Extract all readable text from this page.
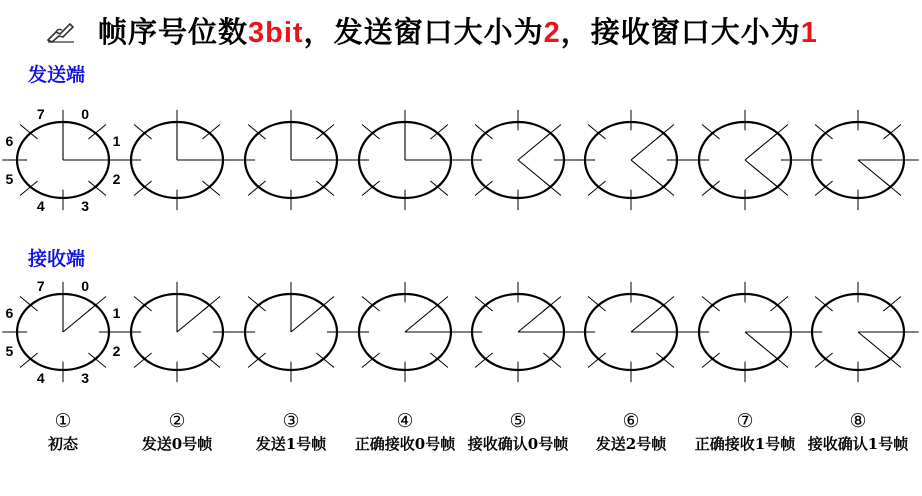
帧序号位数3bit，发送窗口大小为2，接收窗口大小为1
发送端
接收端
0
1
2
3
4
5
6
7
0
1
2
3
4
5
6
7
①
初态
②
发送0号帧
③
发送1号帧
④
正确接收0号帧
⑤
接收确认0号帧
⑥
发送2号帧
⑦
正确接收1号帧
⑧
接收确认1号帧
